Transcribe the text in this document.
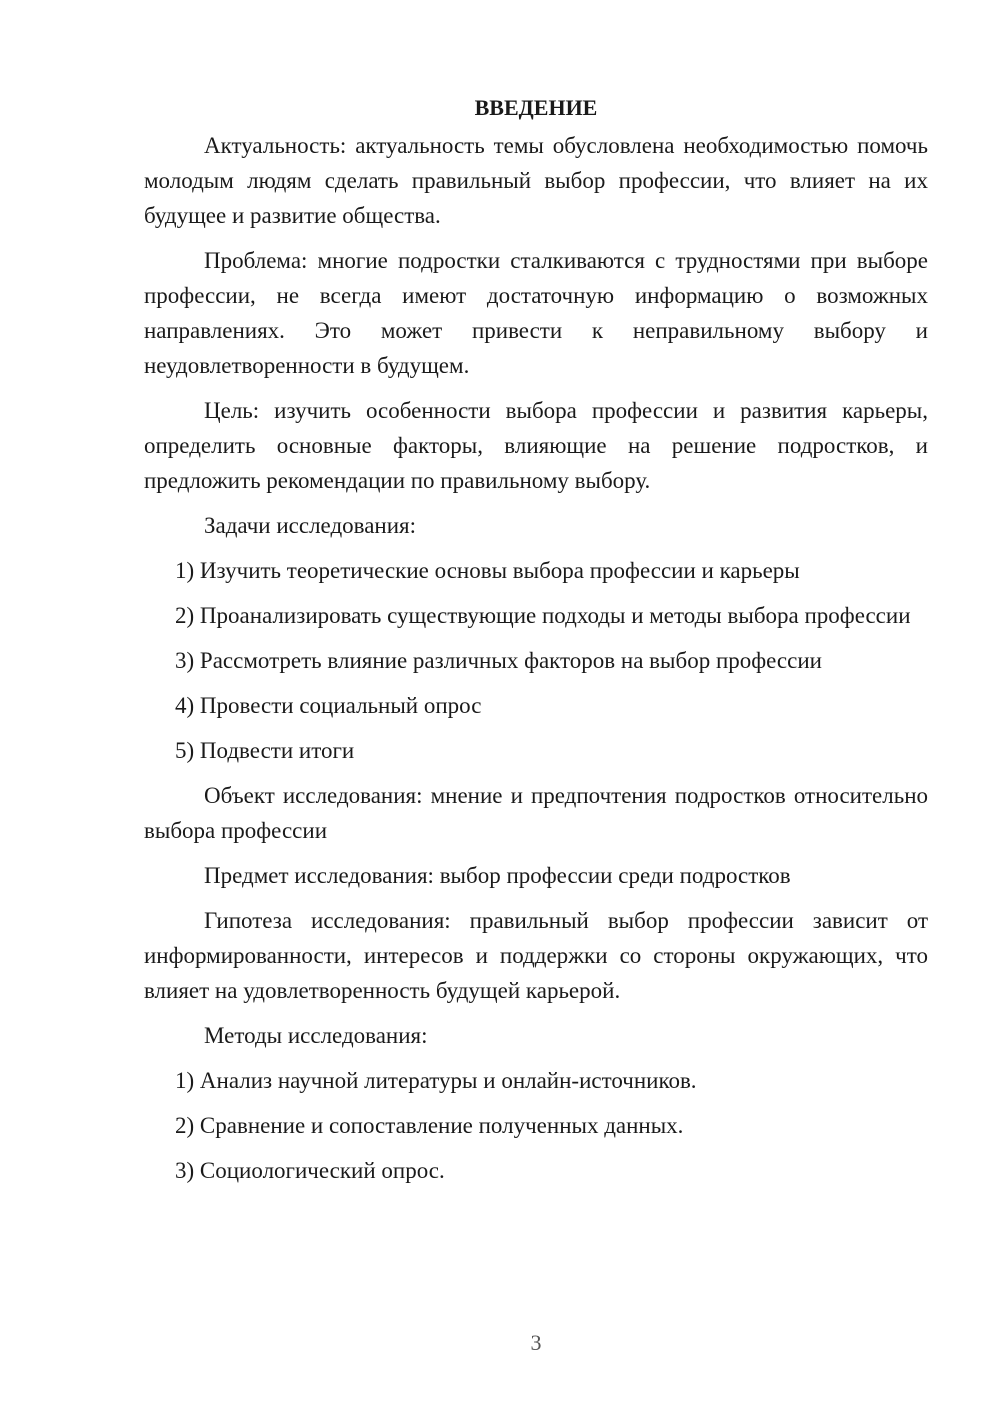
ВВЕДЕНИЕ

Актуальность: актуальность темы обусловлена необходимостью помочь молодым людям сделать правильный выбор профессии, что влияет на их будущее и развитие общества.

Проблема: многие подростки сталкиваются с трудностями при выборе профессии, не всегда имеют достаточную информацию о возможных направлениях. Это может привести к неправильному выбору и неудовлетворенности в будущем.

Цель: изучить особенности выбора профессии и развития карьеры, определить основные факторы, влияющие на решение подростков, и предложить рекомендации по правильному выбору.

Задачи исследования:

1) Изучить теоретические основы выбора профессии и карьеры

2) Проанализировать существующие подходы и методы выбора профессии

3) Рассмотреть влияние различных факторов на выбор профессии

4) Провести социальный опрос

5) Подвести итоги

Объект исследования: мнение и предпочтения подростков относительно выбора профессии

Предмет исследования: выбор профессии среди подростков

Гипотеза исследования: правильный выбор профессии зависит от информированности, интересов и поддержки со стороны окружающих, что влияет на удовлетворенность будущей карьерой.

Методы исследования:

1) Анализ научной литературы и онлайн-источников.

2) Сравнение и сопоставление полученных данных.

3) Социологический опрос.

3
